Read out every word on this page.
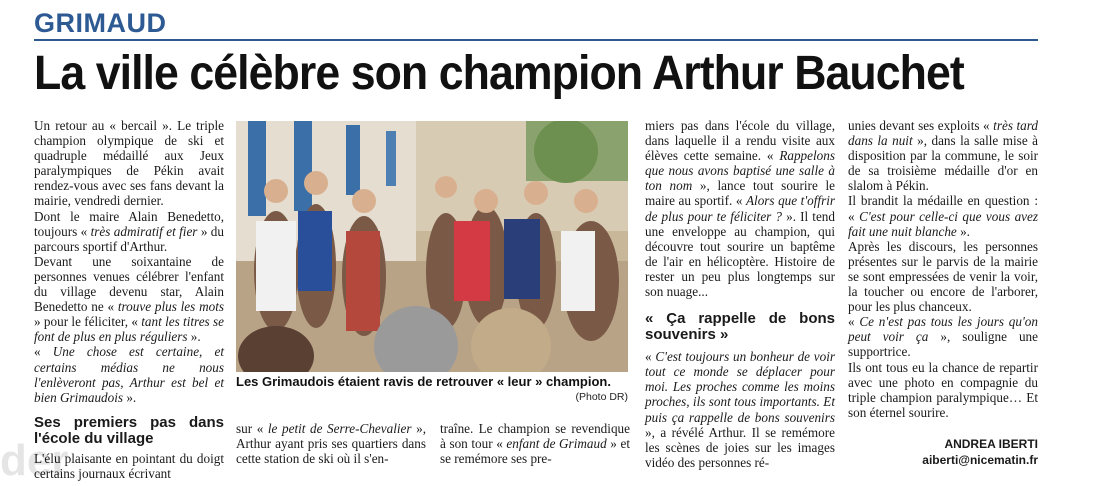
GRIMAUD
La ville célèbre son champion Arthur Bauchet

Un retour au « bercail ». Le triple champion olympique de ski et quadruple médaillé aux Jeux paralympiques de Pékin avait rendez-vous avec ses fans devant la mairie, vendredi dernier.

Dont le maire Alain Benedetto, toujours « très admiratif et fier » du parcours sportif d'Arthur.

Devant une soixantaine de personnes venues célébrer l'enfant du village devenu star, Alain Benedetto ne « trouve plus les mots » pour le féliciter, « tant les titres se font de plus en plus réguliers ».

« Une chose est certaine, et certains médias ne nous l'enlèveront pas, Arthur est bel et bien Grimaudois ».

Ses premiers pas dans l'école du village

L'élu plaisante en pointant du doigt certains journaux écrivant

Les Grimaudois étaient ravis de retrouver « leur » champion.
(Photo DR)

sur « le petit de Serre-Chevalier », Arthur ayant pris ses quartiers dans cette station de ski où il s'en-

traîne. Le champion se revendique à son tour « enfant de Grimaud » et se remémore ses pre-

miers pas dans l'école du village, dans laquelle il a rendu visite aux élèves cette semaine. « Rappelons que nous avons baptisé une salle à ton nom », lance tout sourire le maire au sportif. « Alors que t'offrir de plus pour te féliciter ? ». Il tend une enveloppe au champion, qui découvre tout sourire un baptême de l'air en hélicoptère. Histoire de rester un peu plus longtemps sur son nuage...

« Ça rappelle de bons souvenirs »

« C'est toujours un bonheur de voir tout ce monde se déplacer pour moi. Les proches comme les moins proches, ils sont tous importants. Et puis ça rappelle de bons souvenirs », a révélé Arthur. Il se remémore les scènes de joies sur les images vidéo des personnes ré-

unies devant ses exploits « très tard dans la nuit », dans la salle mise à disposition par la commune, le soir de sa troisième médaille d'or en slalom à Pékin.

Il brandit la médaille en question : « C'est pour celle-ci que vous avez fait une nuit blanche ».

Après les discours, les personnes présentes sur le parvis de la mairie se sont empressées de venir la voir, la toucher ou encore de l'arborer, pour les plus chanceux.

« Ce n'est pas tous les jours qu'on peut voir ça », souligne une supportrice.

Ils ont tous eu la chance de repartir avec une photo en compagnie du triple champion paralympique… Et son éternel sourire.

ANDREA IBERTI
aiberti@nicematin.fr
der
